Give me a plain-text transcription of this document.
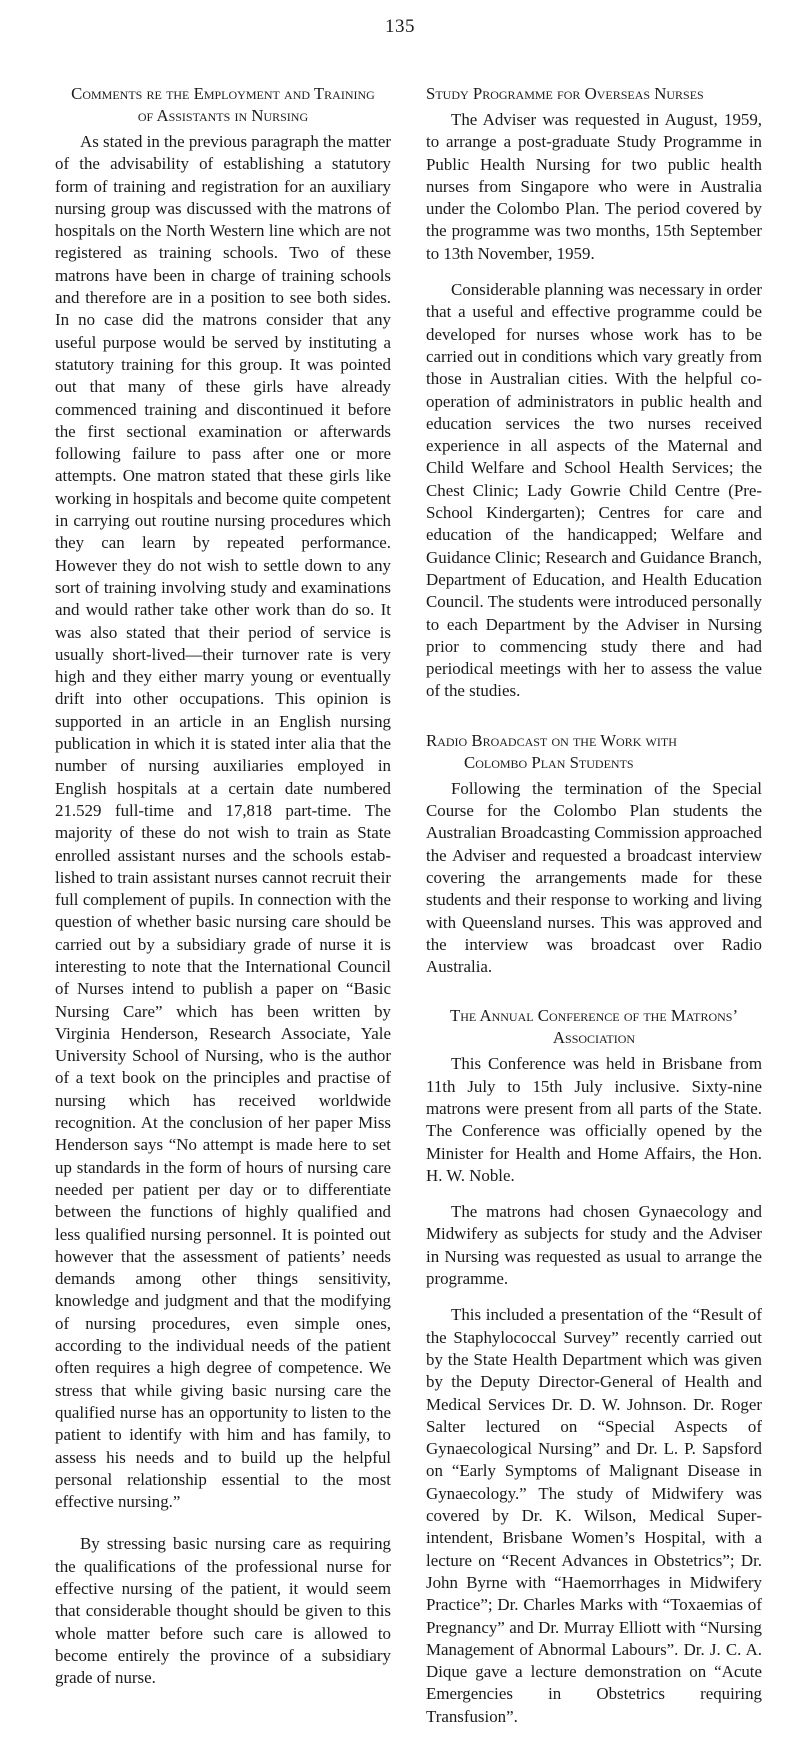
135
Comments re the Employment and Training
of Assistants in Nursing

As stated in the previous paragraph the matter of the advisability of establishing a statutory form of training and registration for an auxiliary nursing group was discussed with the matrons of hospitals on the North Western line which are not registered as training schools. Two of these matrons have been in charge of training schools and therefore are in a position to see both sides. In no case did the matrons consider that any useful purpose would be served by instituting a statutory training for this group. It was pointed out that many of these girls have already commenced training and discontinued it before the first sectional examination or afterwards following failure to pass after one or more attempts. One matron stated that these girls like working in hospitals and become quite competent in carrying out routine nursing procedures which they can learn by repeated performance. However they do not wish to settle down to any sort of training involving study and examinations and would rather take other work than do so. It was also stated that their period of service is usually short-lived—their turnover rate is very high and they either marry young or eventually drift into other occupations. This opinion is supported in an article in an English nursing publication in which it is stated inter alia that the number of nursing auxiliaries employed in English hospitals at a certain date numbered 21.529 full-time and 17,818 part-time. The majority of these do not wish to train as State enrolled assistant nurses and the schools established to train assistant nurses cannot recruit their full complement of pupils. In connection with the question of whether basic nursing care should be carried out by a subsidiary grade of nurse it is interesting to note that the International Council of Nurses intend to publish a paper on “Basic Nursing Care” which has been written by Virginia Henderson, Research Associate, Yale University School of Nursing, who is the author of a text book on the principles and practise of nursing which has received worldwide recognition. At the conclusion of her paper Miss Henderson says “No attempt is made here to set up standards in the form of hours of nursing care needed per patient per day or to differentiate between the functions of highly qualified and less qualified nursing personnel. It is pointed out however that the assessment of patients’ needs demands among other things sensitivity, knowledge and judgment and that the modifying of nursing procedures, even simple ones, according to the individual needs of the patient often requires a high degree of competence. We stress that while giving basic nursing care the qualified nurse has an opportunity to listen to the patient to identify with him and has family, to assess his needs and to build up the helpful personal relationship essential to the most effective nursing.”

By stressing basic nursing care as requiring the qualifications of the professional nurse for effective nursing of the patient, it would seem that considerable thought should be given to this whole matter before such care is allowed to become entirely the province of a subsidiary grade of nurse.

Study Programme for Overseas Nurses

The Adviser was requested in August, 1959, to arrange a post-graduate Study Programme in Public Health Nursing for two public health nurses from Singapore who were in Australia under the Colombo Plan. The period covered by the programme was two months, 15th September to 13th November, 1959.

Considerable planning was necessary in order that a useful and effective programme could be developed for nurses whose work has to be carried out in conditions which vary greatly from those in Australian cities. With the helpful co-operation of administrators in public health and education services the two nurses received experience in all aspects of the Maternal and Child Welfare and School Health Services; the Chest Clinic; Lady Gowrie Child Centre (Pre-School Kindergarten); Centres for care and education of the handicapped; Welfare and Guidance Clinic; Research and Guidance Branch, Department of Education, and Health Education Council. The students were introduced personally to each Department by the Adviser in Nursing prior to commencing study there and had periodical meetings with her to assess the value of the studies.

Radio Broadcast on the Work with
Colombo Plan Students

Following the termination of the Special Course for the Colombo Plan students the Australian Broadcasting Commission approached the Adviser and requested a broadcast interview covering the arrangements made for these students and their response to working and living with Queensland nurses. This was approved and the interview was broadcast over Radio Australia.

The Annual Conference of the Matrons’
Association

This Conference was held in Brisbane from 11th July to 15th July inclusive. Sixty-nine matrons were present from all parts of the State. The Conference was officially opened by the Minister for Health and Home Affairs, the Hon. H. W. Noble.

The matrons had chosen Gynaecology and Midwifery as subjects for study and the Adviser in Nursing was requested as usual to arrange the programme.

This included a presentation of the “Result of the Staphylococcal Survey” recently carried out by the State Health Department which was given by the Deputy Director-General of Health and Medical Services Dr. D. W. Johnson. Dr. Roger Salter lectured on “Special Aspects of Gynaecological Nursing” and Dr. L. P. Sapsford on “Early Symptoms of Malignant Disease in Gynaecology.” The study of Midwifery was covered by Dr. K. Wilson, Medical Superintendent, Brisbane Women’s Hospital, with a lecture on “Recent Advances in Obstetrics”; Dr. John Byrne with “Haemorrhages in Midwifery Practice”; Dr. Charles Marks with “Toxaemias of Pregnancy” and Dr. Murray Elliott with “Nursing Management of Abnormal Labours”. Dr. J. C. A. Dique gave a lecture demonstration on “Acute Emergencies in Obstetrics requiring Transfusion”.
